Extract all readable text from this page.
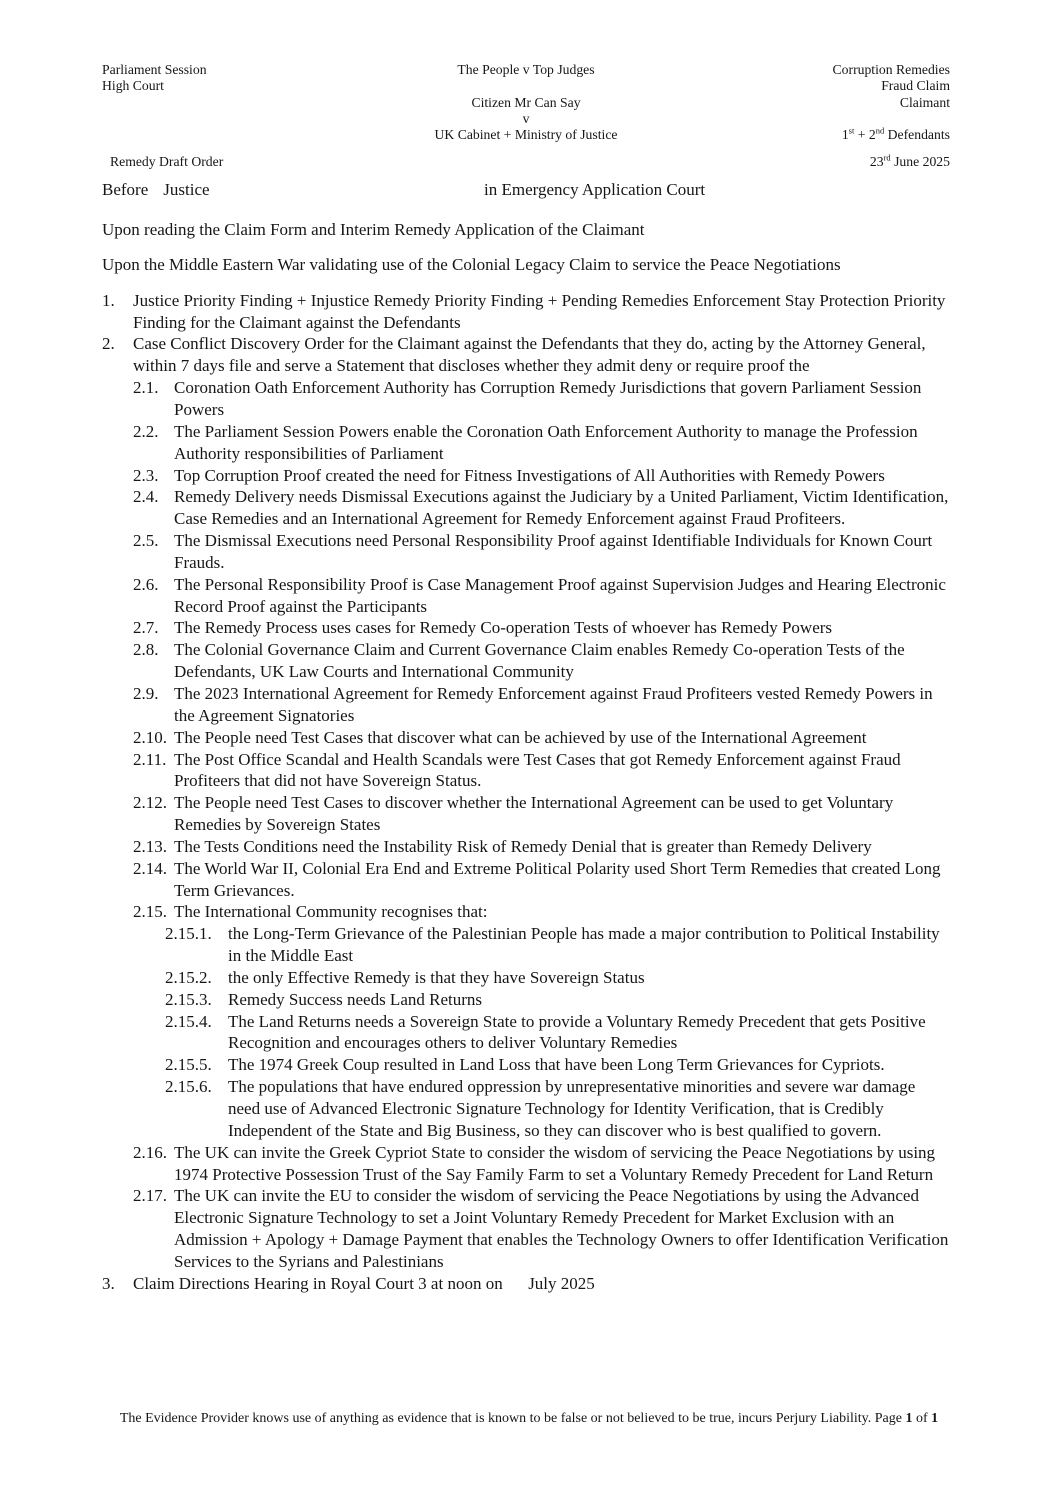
Parliament Session
High Court
The People v Top Judges
Citizen Mr Can Say
v
UK Cabinet + Ministry of Justice
Corruption Remedies
Fraud Claim
Claimant
1st + 2nd Defendants
Remedy Draft Order	23rd June 2025
Before Justice	in Emergency Application Court

Upon reading the Claim Form and Interim Remedy Application of the Claimant

Upon the Middle Eastern War validating use of the Colonial Legacy Claim to service the Peace Negotiations

1.	Justice Priority Finding + Injustice Remedy Priority Finding + Pending Remedies Enforcement Stay Protection Priority Finding for the Claimant against the Defendants
2.	Case Conflict Discovery Order for the Claimant against the Defendants that they do, acting by the Attorney General, within 7 days file and serve a Statement that discloses whether they admit deny or require proof the
2.1. Coronation Oath Enforcement Authority has Corruption Remedy Jurisdictions that govern Parliament Session Powers
2.2. The Parliament Session Powers enable the Coronation Oath Enforcement Authority to manage the Profession Authority responsibilities of Parliament
2.3. Top Corruption Proof created the need for Fitness Investigations of All Authorities with Remedy Powers
2.4. Remedy Delivery needs Dismissal Executions against the Judiciary by a United Parliament, Victim Identification, Case Remedies and an International Agreement for Remedy Enforcement against Fraud Profiteers.
2.5. The Dismissal Executions need Personal Responsibility Proof against Identifiable Individuals for Known Court Frauds.
2.6. The Personal Responsibility Proof is Case Management Proof against Supervision Judges and Hearing Electronic Record Proof against the Participants
2.7. The Remedy Process uses cases for Remedy Co-operation Tests of whoever has Remedy Powers
2.8. The Colonial Governance Claim and Current Governance Claim enables Remedy Co-operation Tests of the Defendants, UK Law Courts and International Community
2.9. The 2023 International Agreement for Remedy Enforcement against Fraud Profiteers vested Remedy Powers in the Agreement Signatories
2.10. The People need Test Cases that discover what can be achieved by use of the International Agreement
2.11. The Post Office Scandal and Health Scandals were Test Cases that got Remedy Enforcement against Fraud Profiteers that did not have Sovereign Status.
2.12. The People need Test Cases to discover whether the International Agreement can be used to get Voluntary Remedies by Sovereign States
2.13. The Tests Conditions need the Instability Risk of Remedy Denial that is greater than Remedy Delivery
2.14. The World War II, Colonial Era End and Extreme Political Polarity used Short Term Remedies that created Long Term Grievances.
2.15. The International Community recognises that:
2.15.1. the Long-Term Grievance of the Palestinian People has made a major contribution to Political Instability in the Middle East
2.15.2. the only Effective Remedy is that they have Sovereign Status
2.15.3. Remedy Success needs Land Returns
2.15.4. The Land Returns needs a Sovereign State to provide a Voluntary Remedy Precedent that gets Positive Recognition and encourages others to deliver Voluntary Remedies
2.15.5. The 1974 Greek Coup resulted in Land Loss that have been Long Term Grievances for Cypriots.
2.15.6. The populations that have endured oppression by unrepresentative minorities and severe war damage need use of Advanced Electronic Signature Technology for Identity Verification, that is Credibly Independent of the State and Big Business, so they can discover who is best qualified to govern.
2.16. The UK can invite the Greek Cypriot State to consider the wisdom of servicing the Peace Negotiations by using 1974 Protective Possession Trust of the Say Family Farm to set a Voluntary Remedy Precedent for Land Return
2.17. The UK can invite the EU to consider the wisdom of servicing the Peace Negotiations by using the Advanced Electronic Signature Technology to set a Joint Voluntary Remedy Precedent for Market Exclusion with an Admission + Apology + Damage Payment that enables the Technology Owners to offer Identification Verification Services to the Syrians and Palestinians
3.	Claim Directions Hearing in Royal Court 3 at noon on      July 2025
The Evidence Provider knows use of anything as evidence that is known to be false or not believed to be true, incurs Perjury Liability. Page 1 of 1
